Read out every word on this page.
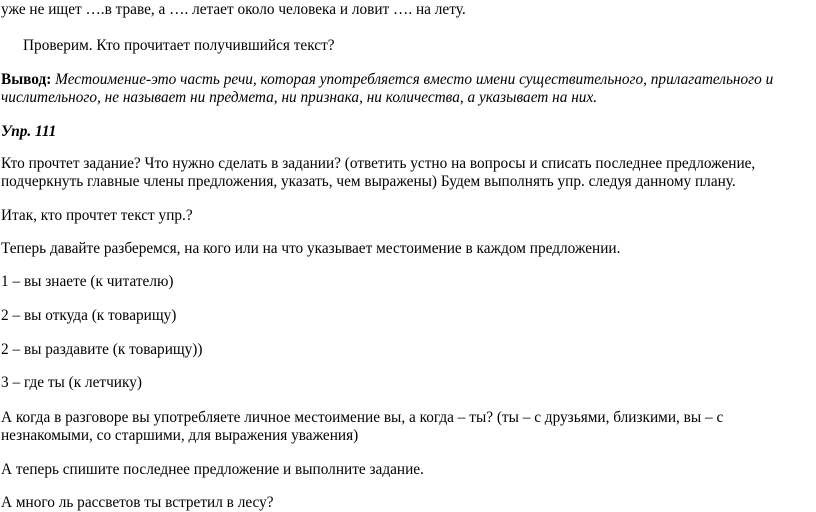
уже не ищет ….в траве, а …. летает около человека и ловит …. на лету.

Проверим. Кто прочитает получившийся текст?

Вывод: Местоимение-это часть речи, которая употребляется вместо имени существительного, прилагательного и

числительного, не называет ни предмета, ни признака, ни количества, а указывает на них.

Упр. 111

Кто прочтет задание? Что нужно сделать в задании? (ответить устно на вопросы и списать последнее предложение,

подчеркнуть главные члены предложения, указать, чем выражены) Будем выполнять упр. следуя данному плану.

Итак, кто прочтет текст упр.?

Теперь давайте разберемся, на кого или на что указывает местоимение в каждом предложении.

1 – вы знаете (к читателю)

2 – вы откуда (к товарищу)

2 – вы раздавите (к товарищу))

3 – где ты (к летчику)

А когда в разговоре вы употребляете личное местоимение вы, а когда – ты? (ты – с друзьями, близкими, вы – с

незнакомыми, со старшими, для выражения уважения)

А теперь спишите последнее предложение и выполните задание.

А много ль рассветов ты встретил в лесу?
